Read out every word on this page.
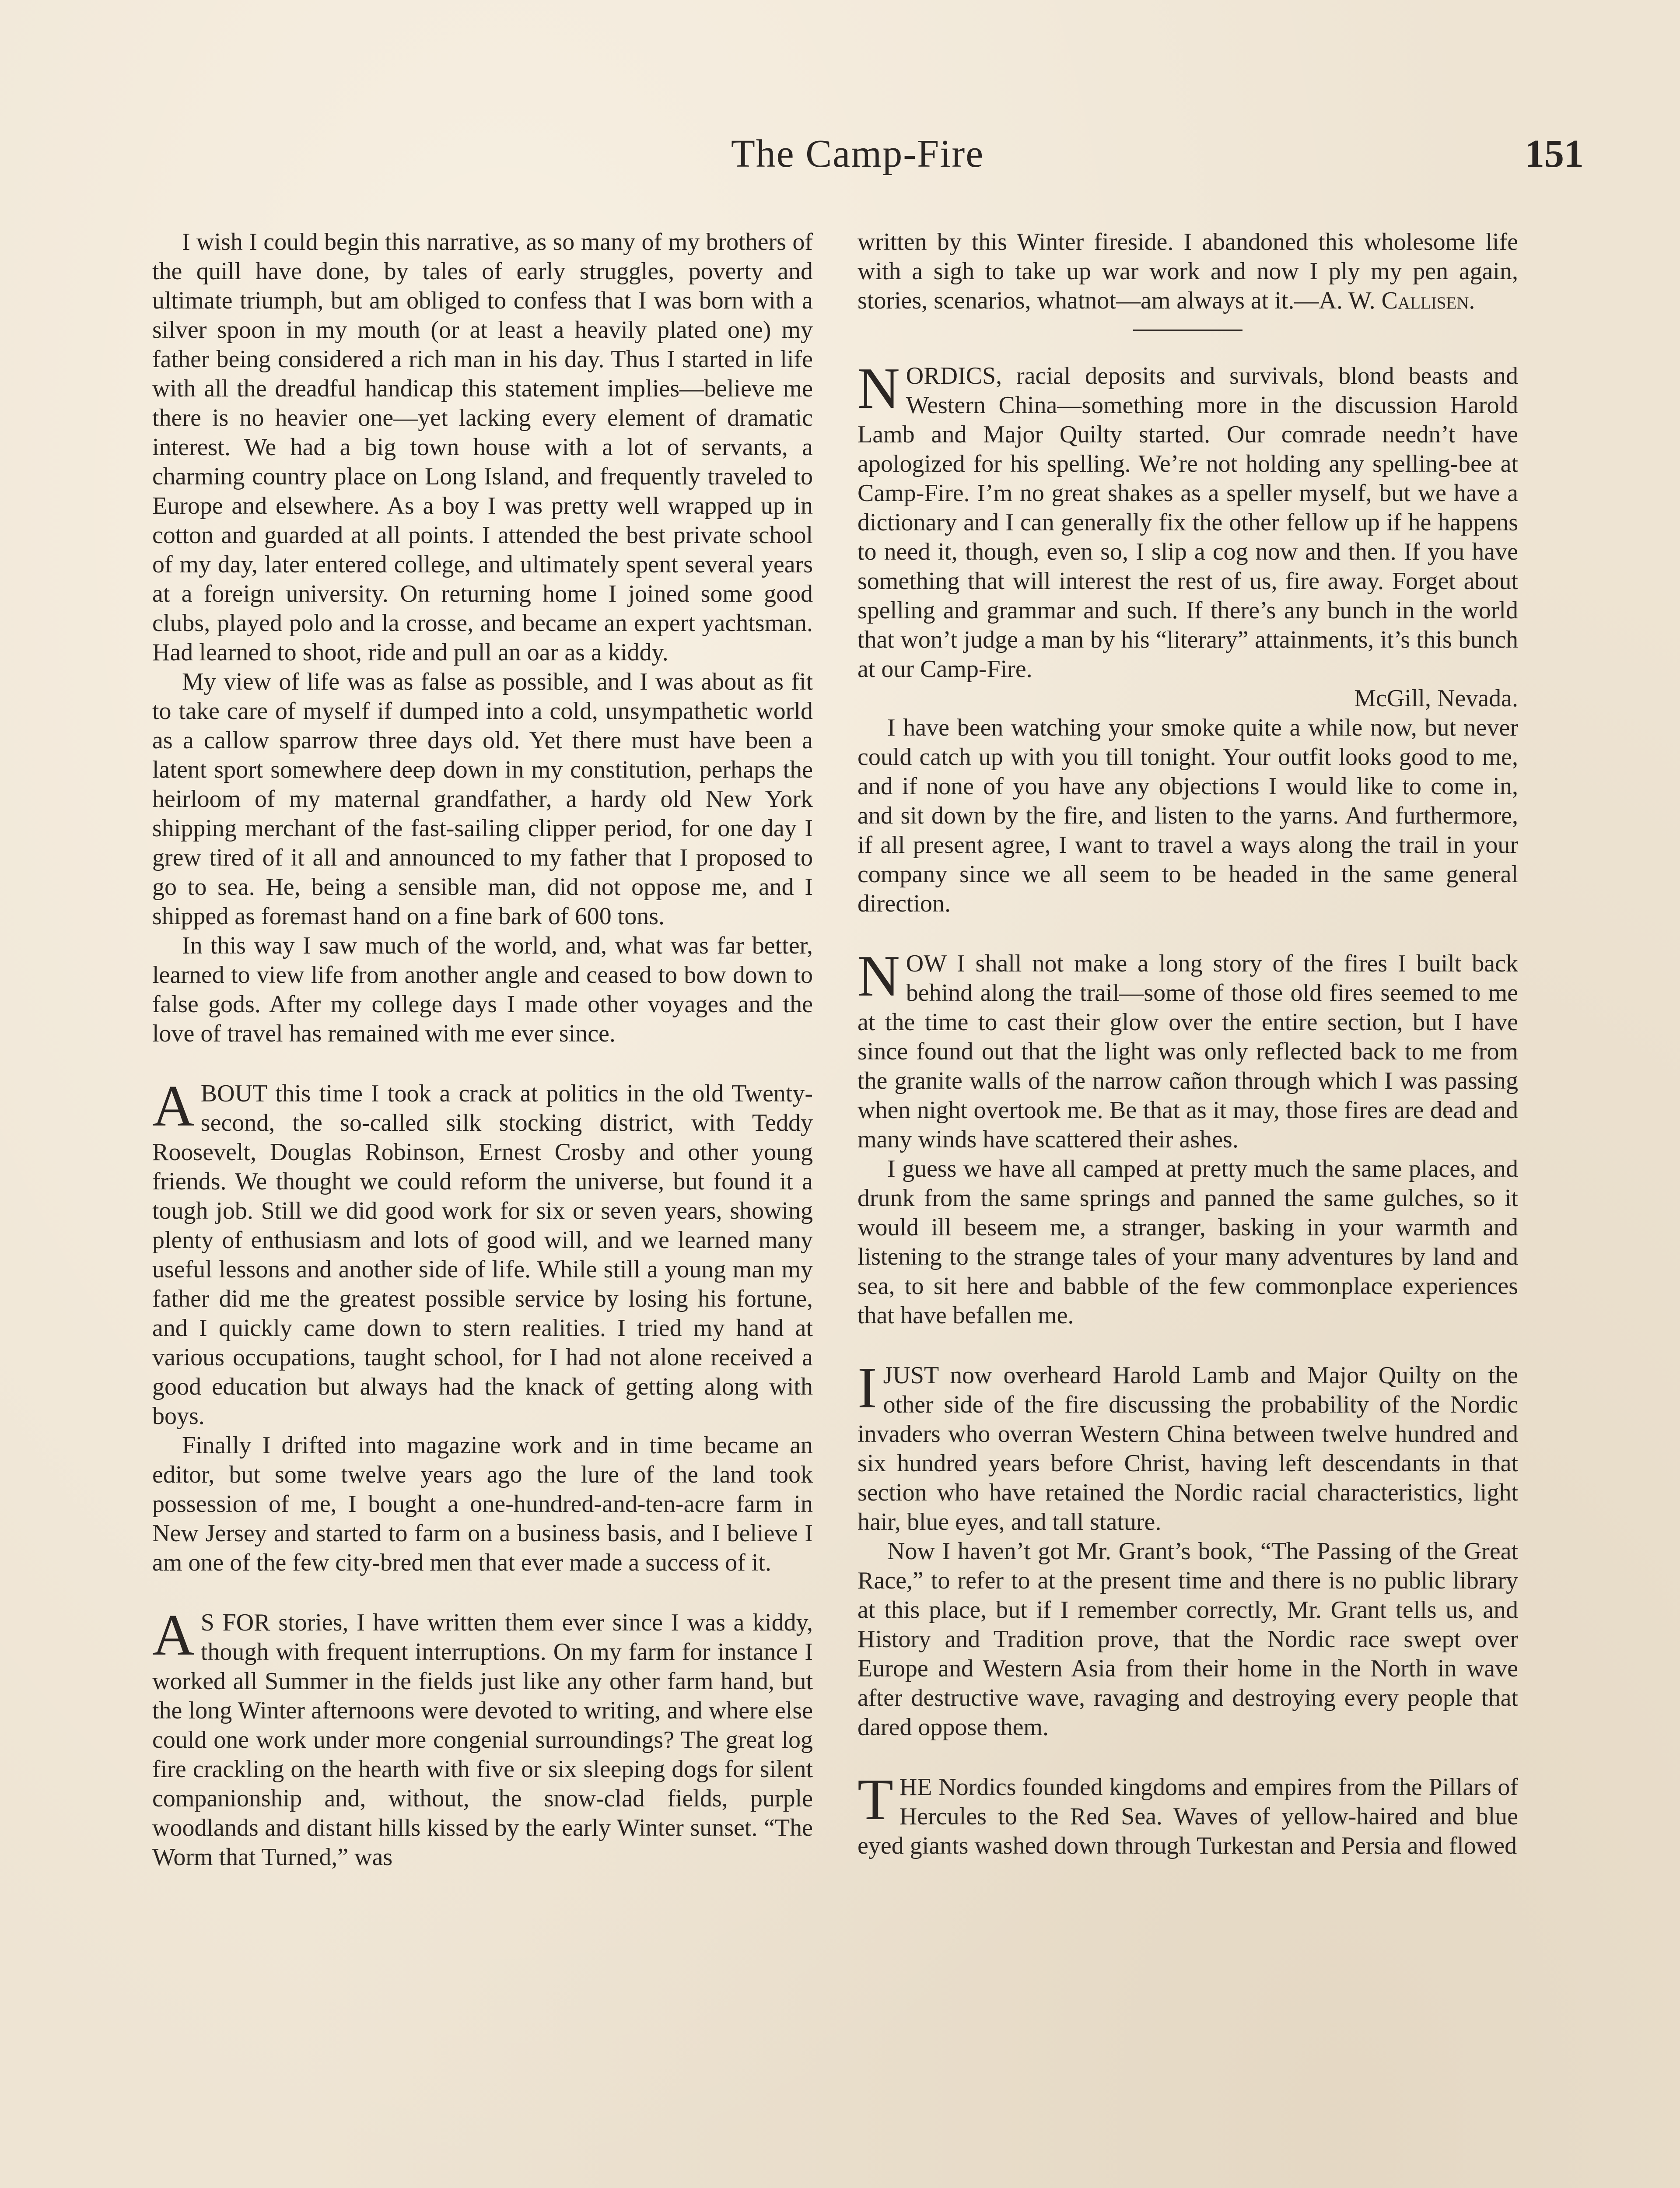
The Camp-Fire	151

I wish I could begin this narrative, as so many of my brothers of the quill have done, by tales of early struggles, poverty and ultimate triumph, but am obliged to confess that I was born with a silver spoon in my mouth (or at least a heavily plated one) my father being considered a rich man in his day. Thus I started in life with all the dreadful handicap this statement implies—believe me there is no heavier one—yet lacking every element of dramatic interest. We had a big town house with a lot of servants, a charming country place on Long Island, and frequently traveled to Europe and elsewhere. As a boy I was pretty well wrapped up in cotton and guarded at all points. I attended the best private school of my day, later entered college, and ultimately spent several years at a foreign university. On returning home I joined some good clubs, played polo and la crosse, and became an expert yachtsman. Had learned to shoot, ride and pull an oar as a kiddy.

My view of life was as false as possible, and I was about as fit to take care of myself if dumped into a cold, unsympathetic world as a callow sparrow three days old. Yet there must have been a latent sport somewhere deep down in my constitution, perhaps the heirloom of my maternal grandfather, a hardy old New York shipping merchant of the fast-sailing clipper period, for one day I grew tired of it all and announced to my father that I proposed to go to sea. He, being a sensible man, did not oppose me, and I shipped as foremast hand on a fine bark of 600 tons.

In this way I saw much of the world, and, what was far better, learned to view life from another angle and ceased to bow down to false gods. After my college days I made other voyages and the love of travel has remained with me ever since.

ABOUT this time I took a crack at politics in the old Twenty-second, the so-called silk stocking district, with Teddy Roosevelt, Douglas Robinson, Ernest Crosby and other young friends. We thought we could reform the universe, but found it a tough job. Still we did good work for six or seven years, showing plenty of enthusiasm and lots of good will, and we learned many useful lessons and another side of life. While still a young man my father did me the greatest possible service by losing his fortune, and I quickly came down to stern realities. I tried my hand at various occupations, taught school, for I had not alone received a good education but always had the knack of getting along with boys.

Finally I drifted into magazine work and in time became an editor, but some twelve years ago the lure of the land took possession of me, I bought a one-hundred-and-ten-acre farm in New Jersey and started to farm on a business basis, and I believe I am one of the few city-bred men that ever made a success of it.

A S FOR stories, I have written them ever since I was a kiddy, though with frequent interruptions. On my farm for instance I worked all Summer in the fields just like any other farm hand, but the long Winter afternoons were devoted to writing, and where else could one work under more congenial surroundings? The great log fire crackling on the hearth with five or six sleeping dogs for silent companionship and, without, the snow-clad fields, purple woodlands and distant hills kissed by the early Winter sunset. “The Worm that Turned,” was

written by this Winter fireside. I abandoned this wholesome life with a sigh to take up war work and now I ply my pen again, stories, scenarios, whatnot—am always at it.—A. W. Callisen.

NORDICS, racial deposits and survivals, blond beasts and Western China—something more in the discussion Harold Lamb and Major Quilty started. Our comrade needn’t have apologized for his spelling. We’re not holding any spelling-bee at Camp-Fire. I’m no great shakes as a speller myself, but we have a dictionary and I can generally fix the other fellow up if he happens to need it, though, even so, I slip a cog now and then. If you have something that will interest the rest of us, fire away. Forget about spelling and grammar and such. If there’s any bunch in the world that won’t judge a man by his “literary” attainments, it’s this bunch at our Camp-Fire.

McGill, Nevada.

I have been watching your smoke quite a while now, but never could catch up with you till tonight. Your outfit looks good to me, and if none of you have any objections I would like to come in, and sit down by the fire, and listen to the yarns. And furthermore, if all present agree, I want to travel a ways along the trail in your company since we all seem to be headed in the same general direction.

NOW I shall not make a long story of the fires I built back behind along the trail—some of those old fires seemed to me at the time to cast their glow over the entire section, but I have since found out that the light was only reflected back to me from the granite walls of the narrow cañon through which I was passing when night overtook me. Be that as it may, those fires are dead and many winds have scattered their ashes.

I guess we have all camped at pretty much the same places, and drunk from the same springs and panned the same gulches, so it would ill beseem me, a stranger, basking in your warmth and listening to the strange tales of your many adventures by land and sea, to sit here and babble of the few commonplace experiences that have befallen me.

IJUST now overheard Harold Lamb and Major Quilty on the other side of the fire discussing the probability of the Nordic invaders who overran Western China between twelve hundred and six hundred years before Christ, having left descendants in that section who have retained the Nordic racial characteristics, light hair, blue eyes, and tall stature.

Now I haven’t got Mr. Grant’s book, “The Passing of the Great Race,” to refer to at the present time and there is no public library at this place, but if I remember correctly, Mr. Grant tells us, and History and Tradition prove, that the Nordic race swept over Europe and Western Asia from their home in the North in wave after destructive wave, ravaging and destroying every people that dared oppose them.

THE Nordics founded kingdoms and empires from the Pillars of Hercules to the Red Sea. Waves of yellow-haired and blue eyed giants washed down through Turkestan and Persia and flowed
